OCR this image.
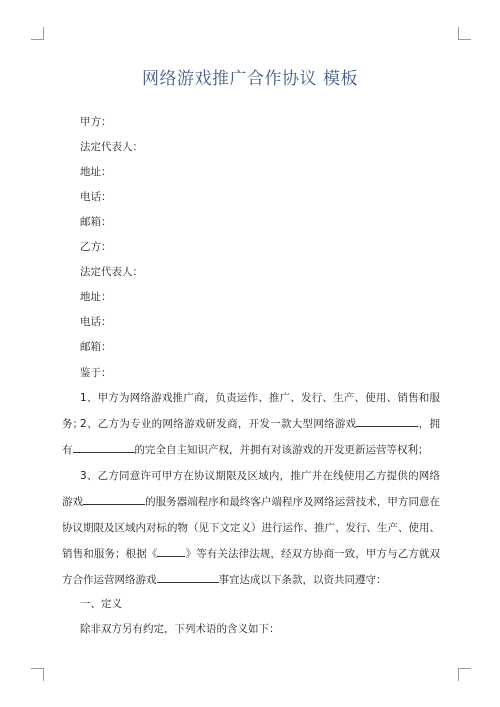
网络游戏推广合作协议 模板
甲方：
法定代表人：
地址：
电话：
邮箱：
乙方：
法定代表人：
地址：
电话：
邮箱：
鉴于：
1、甲方为网络游戏推广商，负责运作、推广、发行、生产、使用、销售和服务；
2、乙方为专业的网络游戏研发商，开发一款大型网络游戏	，拥有	的完全自主知识产权，并拥有对该游戏的开发更新运营等权利；
3、乙方同意许可甲方在协议期限及区域内，推广并在线使用乙方提供的网络游戏	的服务器端程序和最终客户端程序及网络运营技术，甲方同意在协议期限及区域内对标的物（见下文定义）进行运作、推广、发行、生产、使用、销售和服务；根据《	》等有关法律法规，经双方协商一致，甲方与乙方就双方合作运营网络游戏	事宜达成以下条款，以资共同遵守：
一、定义
除非双方另有约定，下列术语的含义如下：
